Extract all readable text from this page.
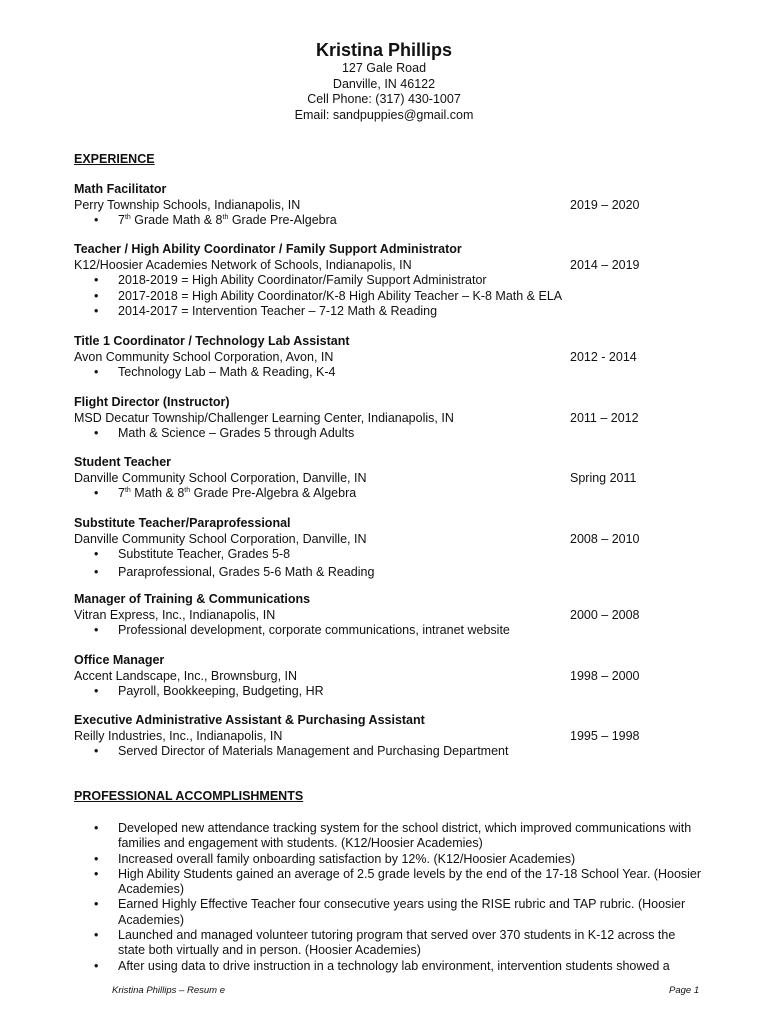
Kristina Phillips
127 Gale Road
Danville, IN 46122
Cell Phone: (317) 430-1007
Email: sandpuppies@gmail.com
EXPERIENCE
Math Facilitator
Perry Township Schools, Indianapolis, IN	2019 – 2020
• 7th Grade Math & 8th Grade Pre-Algebra
Teacher / High Ability Coordinator / Family Support Administrator
K12/Hoosier Academies Network of Schools, Indianapolis, IN	2014 – 2019
• 2018-2019 = High Ability Coordinator/Family Support Administrator
• 2017-2018 = High Ability Coordinator/K-8 High Ability Teacher – K-8 Math & ELA
• 2014-2017 = Intervention Teacher – 7-12 Math & Reading
Title 1 Coordinator / Technology Lab Assistant
Avon Community School Corporation, Avon, IN	2012 - 2014
• Technology Lab – Math & Reading, K-4
Flight Director (Instructor)
MSD Decatur Township/Challenger Learning Center, Indianapolis, IN	2011 – 2012
• Math & Science – Grades 5 through Adults
Student Teacher
Danville Community School Corporation, Danville, IN	Spring 2011
• 7th Math & 8th Grade Pre-Algebra & Algebra
Substitute Teacher/Paraprofessional
Danville Community School Corporation, Danville, IN	2008 – 2010
• Substitute Teacher, Grades 5-8
• Paraprofessional, Grades 5-6 Math & Reading
Manager of Training & Communications
Vitran Express, Inc., Indianapolis, IN	2000 – 2008
• Professional development, corporate communications, intranet website
Office Manager
Accent Landscape, Inc., Brownsburg, IN	1998 – 2000
• Payroll, Bookkeeping, Budgeting, HR
Executive Administrative Assistant & Purchasing Assistant
Reilly Industries, Inc., Indianapolis, IN	1995 – 1998
• Served Director of Materials Management and Purchasing Department
PROFESSIONAL ACCOMPLISHMENTS
• Developed new attendance tracking system for the school district, which improved communications with families and engagement with students. (K12/Hoosier Academies)
• Increased overall family onboarding satisfaction by 12%. (K12/Hoosier Academies)
• High Ability Students gained an average of 2.5 grade levels by the end of the 17-18 School Year. (Hoosier Academies)
• Earned Highly Effective Teacher four consecutive years using the RISE rubric and TAP rubric. (Hoosier Academies)
• Launched and managed volunteer tutoring program that served over 370 students in K-12 across the state both virtually and in person. (Hoosier Academies)
• After using data to drive instruction in a technology lab environment, intervention students showed a
Kristina Phillips – Resum e	Page 1
